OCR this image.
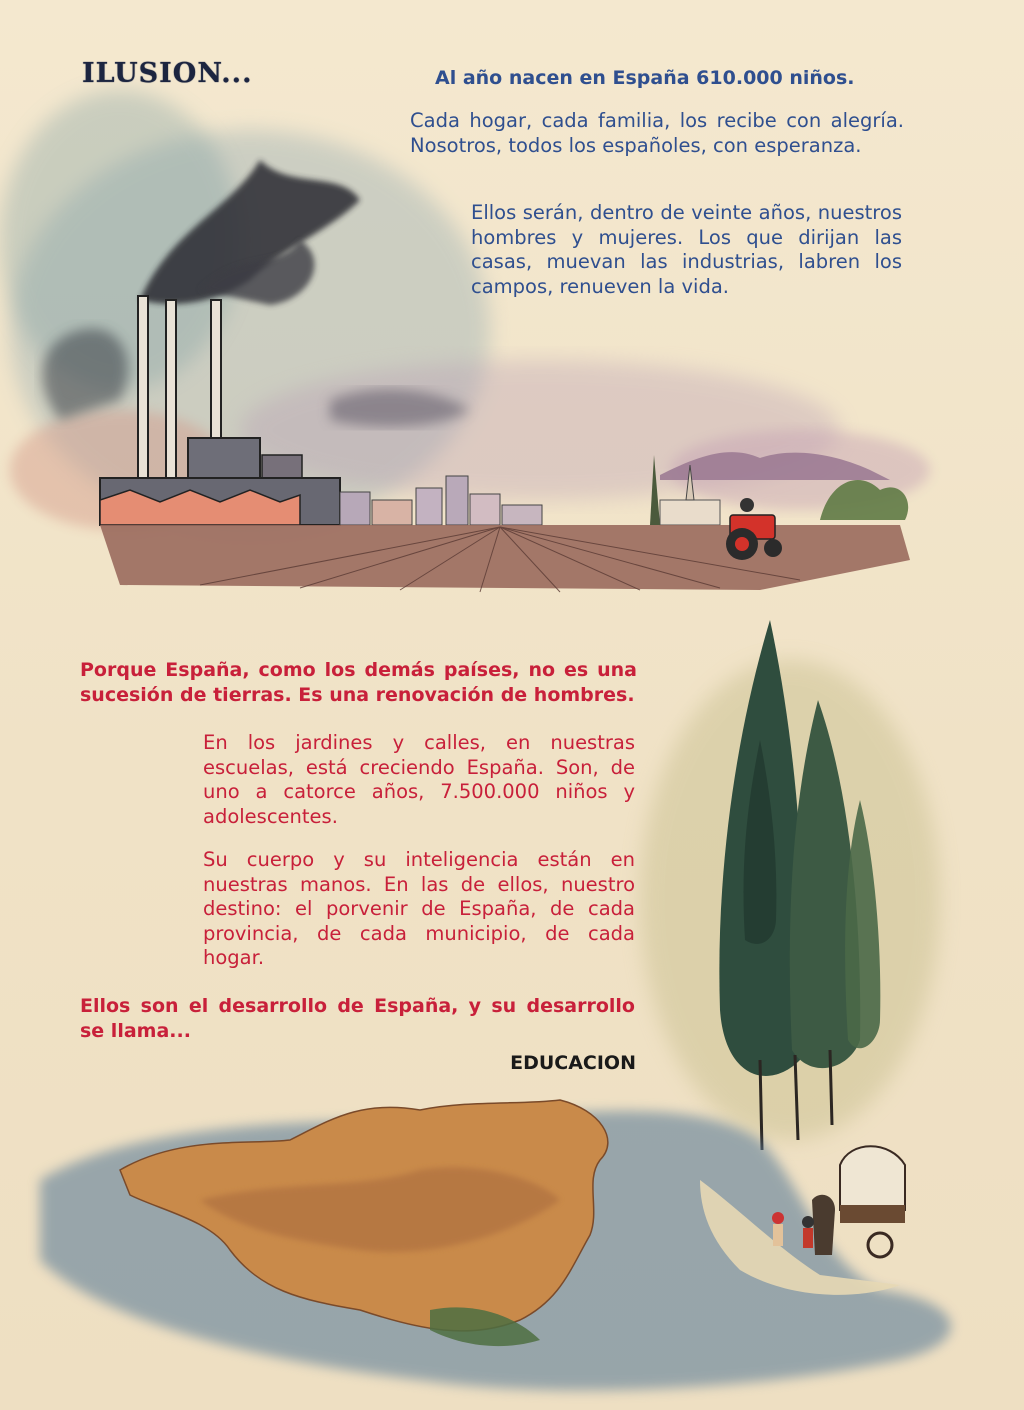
ILUSION...	Al año nacen en España 610.000 niños.

Cada hogar, cada familia, los recibe con alegría. Nosotros, todos los españoles, con esperanza.

Ellos serán, dentro de veinte años, nuestros hombres y mujeres. Los que dirijan las casas, muevan las industrias, labren los campos, renueven la vida.

Porque España, como los demás países, no es una sucesión de tierras. Es una renovación de hombres.

En los jardines y calles, en nuestras escuelas, está creciendo España. Son, de uno a catorce años, 7.500.000 niños y adolescentes.

Su cuerpo y su inteligencia están en nuestras manos. En las de ellos, nuestro destino: el porvenir de España, de cada provincia, de cada municipio, de cada hogar.

Ellos son el desarrollo de España, y su desarrollo se llama...

EDUCACION
